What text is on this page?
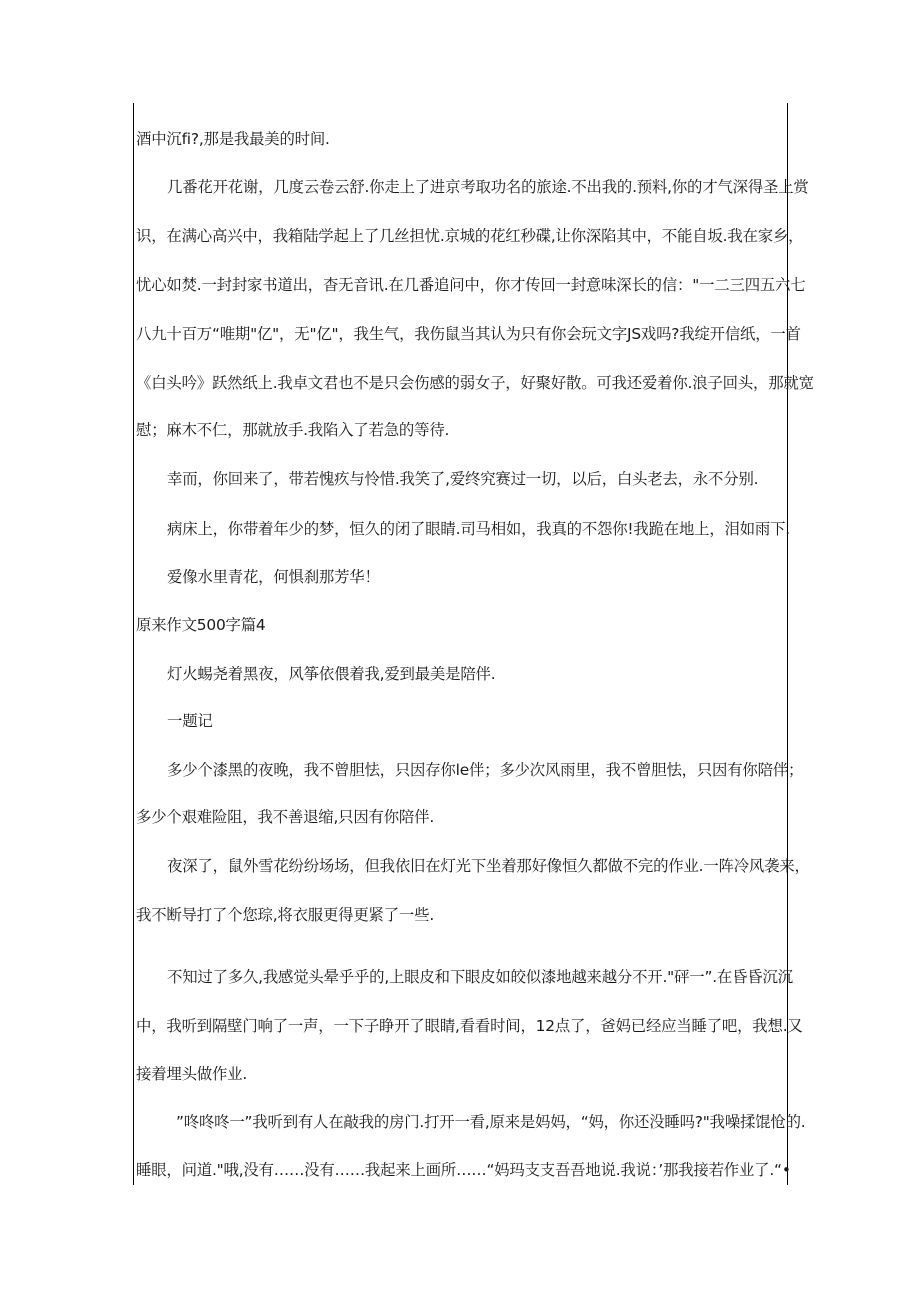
酒中沉fi?,那是我最美的时间.
几番花开花谢，几度云卷云舒.你走上了进京考取功名的旅途.不出我的.预料,你的才气深得圣上赏
识，在满心高兴中，我箱陆学起上了几丝担忧.京城的花红秒碟,让你深陷其中，不能自坂.我在家乡，
忧心如焚.一封封家书道出，杳无音讯.在几番追问中，你才传回一封意味深长的信："一二三四五六七
八九十百万“唯期"亿"，无"亿"，我生气，我伤鼠当其认为只有你会玩文字JS戏吗?我绽开信纸，一首
《白头吟》跃然纸上.我卓文君也不是只会伤感的弱女子，好聚好散。可我还爱着你.浪子回头，那就宽
慰；麻木不仁，那就放手.我陷入了若急的等待.
幸而，你回来了，带若愧疚与怜惜.我笑了,爱终究赛过一切，以后，白头老去，永不分别.
病床上，你带着年少的梦，恒久的闭了眼睛.司马相如，我真的不怨你!我跪在地上，泪如雨下.
爱像水里青花，何惧刹那芳华！
原来作文500字篇4
灯火蜴尧着黑夜，风筝依偎着我,爱到最美是陪伴.
一题记
多少个漆黑的夜晚，我不曾胆怯，只因存你le伴；多少次风雨里，我不曾胆怯，只因有你陪伴；
多少个艰难险阻，我不善退缩,只因有你陪伴.
夜深了，鼠外雪花纷纷场场，但我依旧在灯光下坐着那好像恒久都做不完的作业.一阵冷风袭来，
我不断导打了个您琮,将衣服更得更紧了一些.
不知过了多久,我感觉头晕乎乎的,上眼皮和下眼皮如皎似漆地越来越分不开."砰一”.在昏昏沉沉
中，我听到隔壁门响了一声，一下子睁开了眼睛,看看时间，12点了，爸妈已经应当睡了吧，我想.又
接着埋头做作业.
”咚咚咚一”我听到有人在敲我的房门.打开一看,原来是妈妈，“妈，你还没睡吗?"我噪揉馄怆的.
睡眼，问道."哦,没有……没有……我起来上画所……“妈玛支支吾吾地说.我说：’那我接若作业了.“•
